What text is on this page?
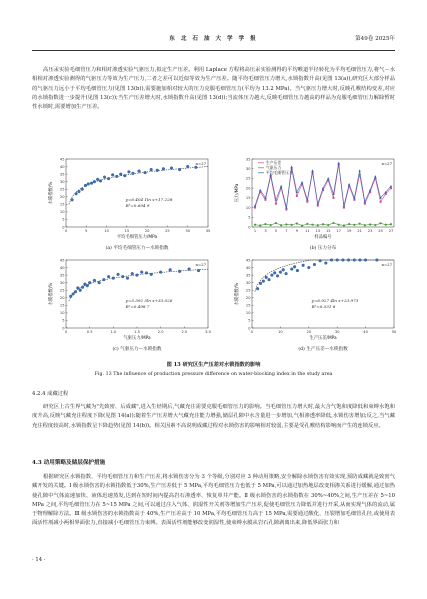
东 北 石 油 大 学 学 报	第49卷 2025年

高压汞实验毛细管压力和相对渗透实验气驱压力,拟定生产压差。利用 Laplace 方程将高压汞实验测得的平均喉道半径转化为平均毛细管压力,将气－水相相对渗透实验测得的气驱压力等效为生产压力,二者之差可以近似等效为生产压差。随平均毛细管压力增大,水锁指数升高(见图 13(a)),研究区大部分样品的气驱压力远小于平均毛细管压力(见图 13(b)),需要施加相对较大的压力克服毛细管压力(平均为 13.2 MPa)。当气驱压力增大时,反映孔喉结构变差,对应的水锁指数进一步提升(见图 13(c));当生产压差增大时,水锁指数升高(见图 13(d));当流体压力越大,反映毛细管压力越高的样品为克服毛细管压力解除暂时性水锁时,需要增加生产压差。

0
5
10
15
20
25
30
35
40
45
0	5	10	15	20	25	30	35
平均毛细管压力/MPa
水锁指数/%
n=27
(a) 平均毛细管压力—水锁指数
y=6.404 1ln x+17.228
R²=0.694 9
0
5
10
15
20
25
30
35
样品编号
压力/MPa
n=27
(b) 压力分布
1 3 5 7 9 11 13 15 17 19 21 23 25 27
生产压差
气驱压力
平均毛细管压力
0
5
10
15
20
25
30
35
40
45
0	0.5	1.0	1.5	2.0	2.5	3.0
气驱压力/MPa
水锁指数/%
n=27
(c) 气驱压力—水锁指数
y=5.392 5ln x+33.026
R²=0.498 7
0
5
10
15
20
25
30
35
40
45
0	10	20	30	40	50
生产压差/MPa
水锁指数/%
n=27
(d) 生产压差—水锁指数
y=6.927 4ln x+23.973
R²=0.531 8
图 13 研究区生产压差对水锁指数的影响
Fig. 13 The influence of production pressure difference on water-blocking index in the study area
4.2.4 成藏过程

研究区上古生界气藏为"先致密、后成藏",进入生烃期后,气藏充注需要克服毛细管压力的影响。当毛细管压力增大时,最大含气饱和度降低和束缚水饱和度升高,反映气藏充注程度下降(见图 14(a));随着生产压差增大气藏充注能力增强,储层孔隙中水含量进一步增加,气相渗透率降低,水锁伤害增加;反之,当气藏充注程度较高时,水锁指数呈下降趋势(见图 14(b))。相关因素不高说明成藏过程对水锁伤害的影响相对较弱,主要是受孔喉结构影响而产生的连锁反应。

4.3 动用策略及储层保护措施

根据研究区水锁指数、平均毛细管压力和生产压差,将水锁伤害分为 3 个等级,分别对应 3 种动用策略,安全解除水锁伤害有效实现,预防成藏就是致密气藏开发的关键。Ⅰ 级水锁伤害的水锁指数低于30%,生产压差低于 5 MPa,平均毛细管压力也低于 5 MPa,可以通过加热地层改变相渗关系进行缓解,通过加热使孔隙中气体流速加快、液体迅速蒸发,达到在短时间内提高岩石渗透率、恢复单井产能。Ⅱ 级水锁伤害的水锁指数在 30%~40%之间,生产压差在 5~10 MPa 之间,平均毛细管压力在 5~15 MPa 之间,可以通过注入气体、润湿性开关剂等增加生产压差,促使毛细管压力降低并进行开采,从而实现气体的流动,属于物理解除方法。Ⅲ 级水锁伤害的水锁指数高于 40%,生产压差高于 10 MPa,平均毛细管压力高于 15 MPa,需要通过酸化、压裂增加毛细管孔径,或使用表面活性剂减小两相界面张力,直接减小毛细管压力束缚。表面活性剂能够改变润湿性,使束缚水膜从岩石孔隙剥离出来,降低界面张力和

· 14 ·
